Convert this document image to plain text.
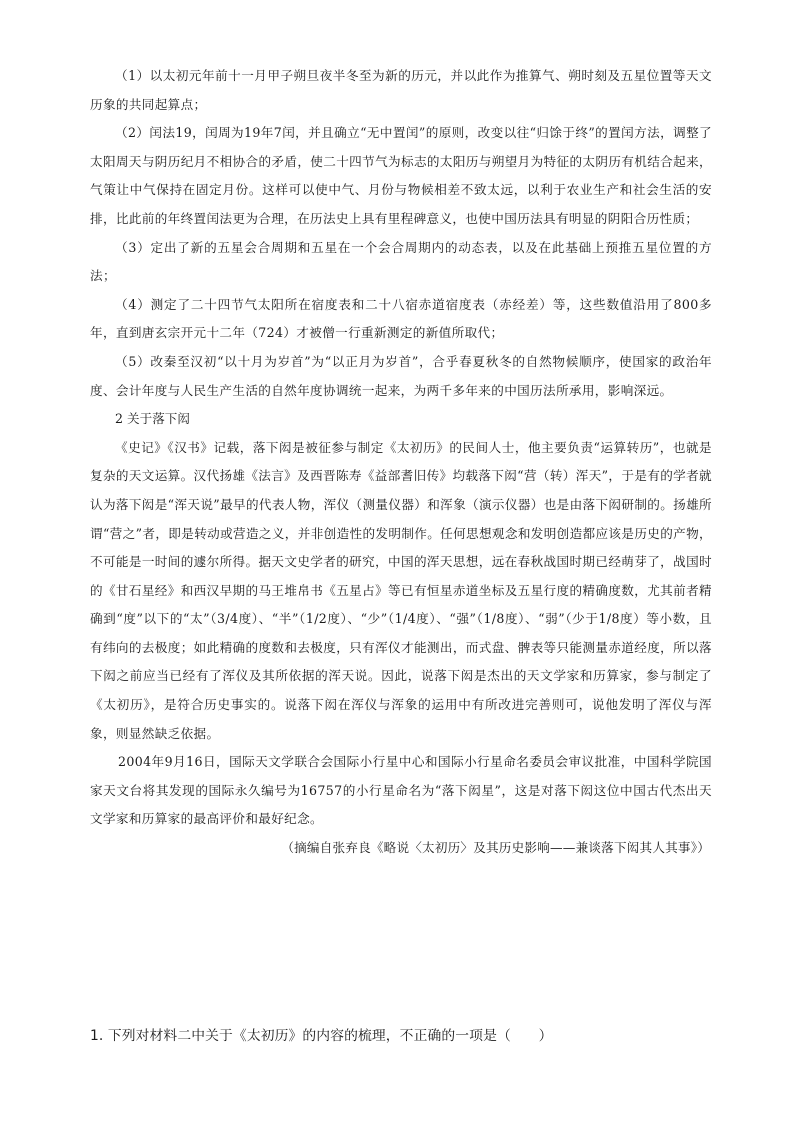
（1）以太初元年前十一月甲子朔旦夜半冬至为新的历元，并以此作为推算气、朔时刻及五星位置等天文历象的共同起算点；

（2）闰法19，闰周为19年7闰，并且确立“无中置闰”的原则，改变以往“归馀于终”的置闰方法，调整了太阳周天与阴历纪月不相协合的矛盾，使二十四节气为标志的太阳历与朔望月为特征的太阴历有机结合起来，气策让中气保持在固定月份。这样可以使中气、月份与物候相差不致太远，以利于农业生产和社会生活的安排，比此前的年终置闰法更为合理，在历法史上具有里程碑意义，也使中国历法具有明显的阴阳合历性质；

（3）定出了新的五星会合周期和五星在一个会合周期内的动态表，以及在此基础上预推五星位置的方法；

（4）测定了二十四节气太阳所在宿度表和二十八宿赤道宿度表（赤经差）等，这些数值沿用了800多年，直到唐玄宗开元十二年（724）才被僧一行重新测定的新值所取代；

（5）改秦至汉初“以十月为岁首”为“以正月为岁首”，合乎春夏秋冬的自然物候顺序，使国家的政治年度、会计年度与人民生产生活的自然年度协调统一起来，为两千多年来的中国历法所承用，影响深远。

2 关于落下闳

《史记》《汉书》记载，落下闳是被征参与制定《太初历》的民间人士，他主要负责“运算转历”，也就是复杂的天文运算。汉代扬雄《法言》及西晋陈寿《益部耆旧传》均载落下闳“营（转）浑天”，于是有的学者就认为落下闳是“浑天说”最早的代表人物，浑仪（测量仪器）和浑象（演示仪器）也是由落下闳研制的。扬雄所谓“营之”者，即是转动或营造之义，并非创造性的发明制作。任何思想观念和发明创造都应该是历史的产物，不可能是一时间的遽尔所得。据天文史学者的研究，中国的浑天思想，远在春秋战国时期已经萌芽了，战国时的《甘石星经》和西汉早期的马王堆帛书《五星占》等已有恒星赤道坐标及五星行度的精确度数，尤其前者精确到“度”以下的“太”（3/4度）、“半”（1/2度）、“少”（1/4度）、“强”（1/8度）、“弱”（少于1/8度）等小数，且有纬向的去极度；如此精确的度数和去极度，只有浑仪才能测出，而式盘、髀表等只能测量赤道经度，所以落下闳之前应当已经有了浑仪及其所依据的浑天说。因此，说落下闳是杰出的天文学家和历算家，参与制定了《太初历》，是符合历史事实的。说落下闳在浑仪与浑象的运用中有所改进完善则可，说他发明了浑仪与浑象，则显然缺乏依据。

2004年9月16日，国际天文学联合会国际小行星中心和国际小行星命名委员会审议批准，中国科学院国家天文台将其发现的国际永久编号为16757的小行星命名为“落下闳星”，这是对落下闳这位中国古代杰出天文学家和历算家的最高评价和最好纪念。

（摘编自张弃良《略说〈太初历〉及其历史影响——兼谈落下闳其人其事》）

1. 下列对材料二中关于《太初历》的内容的梳理，不正确的一项是（　　）
